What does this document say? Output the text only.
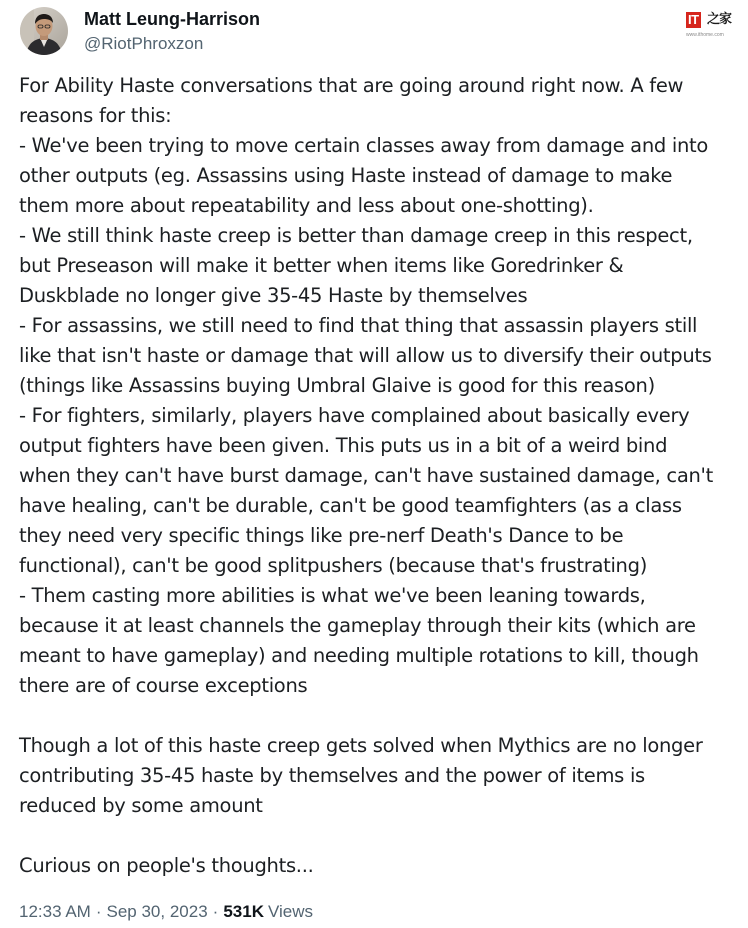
Matt Leung-Harrison
@RiotPhroxzon
IT 之家
www.ithome.com
For Ability Haste conversations that are going around right now. A few
reasons for this:
- We've been trying to move certain classes away from damage and into
other outputs (eg. Assassins using Haste instead of damage to make
them more about repeatability and less about one-shotting).
- We still think haste creep is better than damage creep in this respect,
but Preseason will make it better when items like Goredrinker &
Duskblade no longer give 35-45 Haste by themselves
- For assassins, we still need to find that thing that assassin players still
like that isn't haste or damage that will allow us to diversify their outputs
(things like Assassins buying Umbral Glaive is good for this reason)
- For fighters, similarly, players have complained about basically every
output fighters have been given. This puts us in a bit of a weird bind
when they can't have burst damage, can't have sustained damage, can't
have healing, can't be durable, can't be good teamfighters (as a class
they need very specific things like pre-nerf Death's Dance to be
functional), can't be good splitpushers (because that's frustrating)
- Them casting more abilities is what we've been leaning towards,
because it at least channels the gameplay through their kits (which are
meant to have gameplay) and needing multiple rotations to kill, though
there are of course exceptions
Though a lot of this haste creep gets solved when Mythics are no longer
contributing 35-45 haste by themselves and the power of items is
reduced by some amount
Curious on people's thoughts...
12:33 AM · Sep 30, 2023 · 531K Views
